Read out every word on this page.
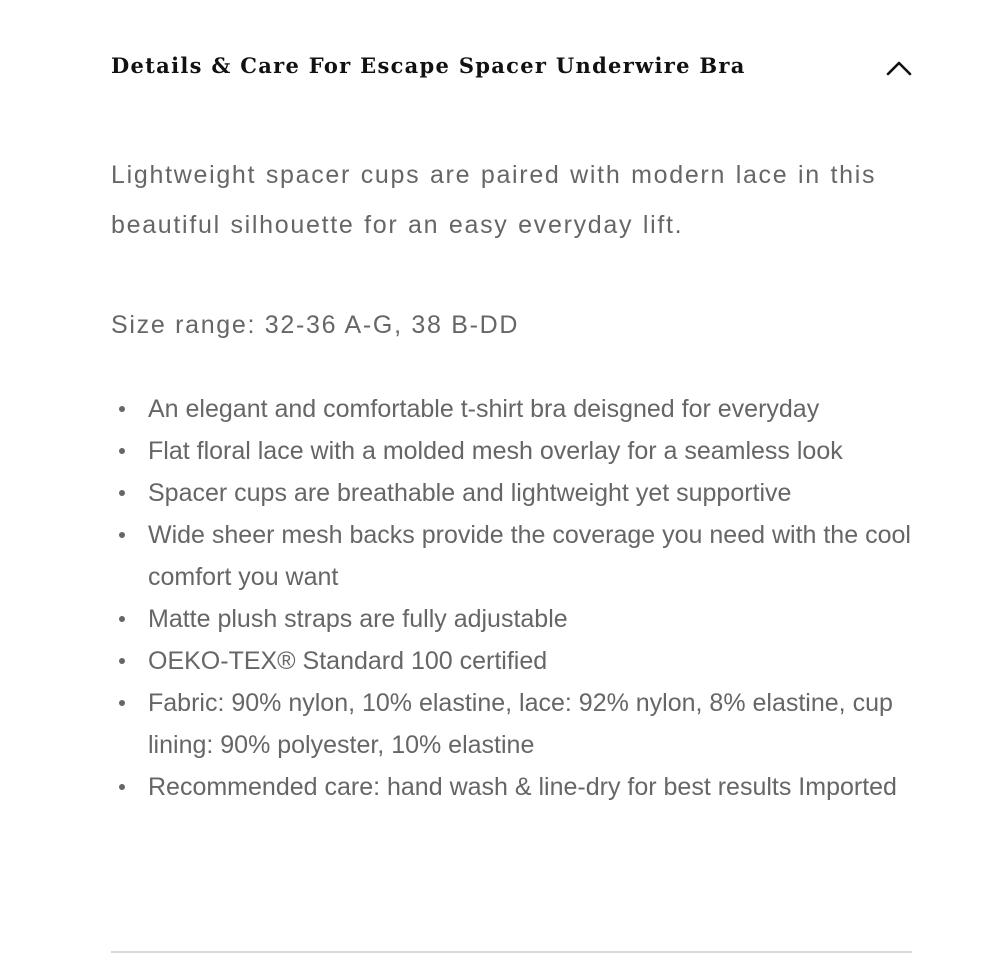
Details & Care For Escape Spacer Underwire Bra

Lightweight spacer cups are paired with modern lace in this beautiful silhouette for an easy everyday lift.

Size range: 32-36 A-G, 38 B-DD

An elegant and comfortable t-shirt bra deisgned for everyday
Flat floral lace with a molded mesh overlay for a seamless look
Spacer cups are breathable and lightweight yet supportive
Wide sheer mesh backs provide the coverage you need with the cool comfort you want
Matte plush straps are fully adjustable
OEKO-TEX® Standard 100 certified
Fabric: 90% nylon, 10% elastine, lace: 92% nylon, 8% elastine, cup lining: 90% polyester, 10% elastine
Recommended care: hand wash & line-dry for best results Imported
